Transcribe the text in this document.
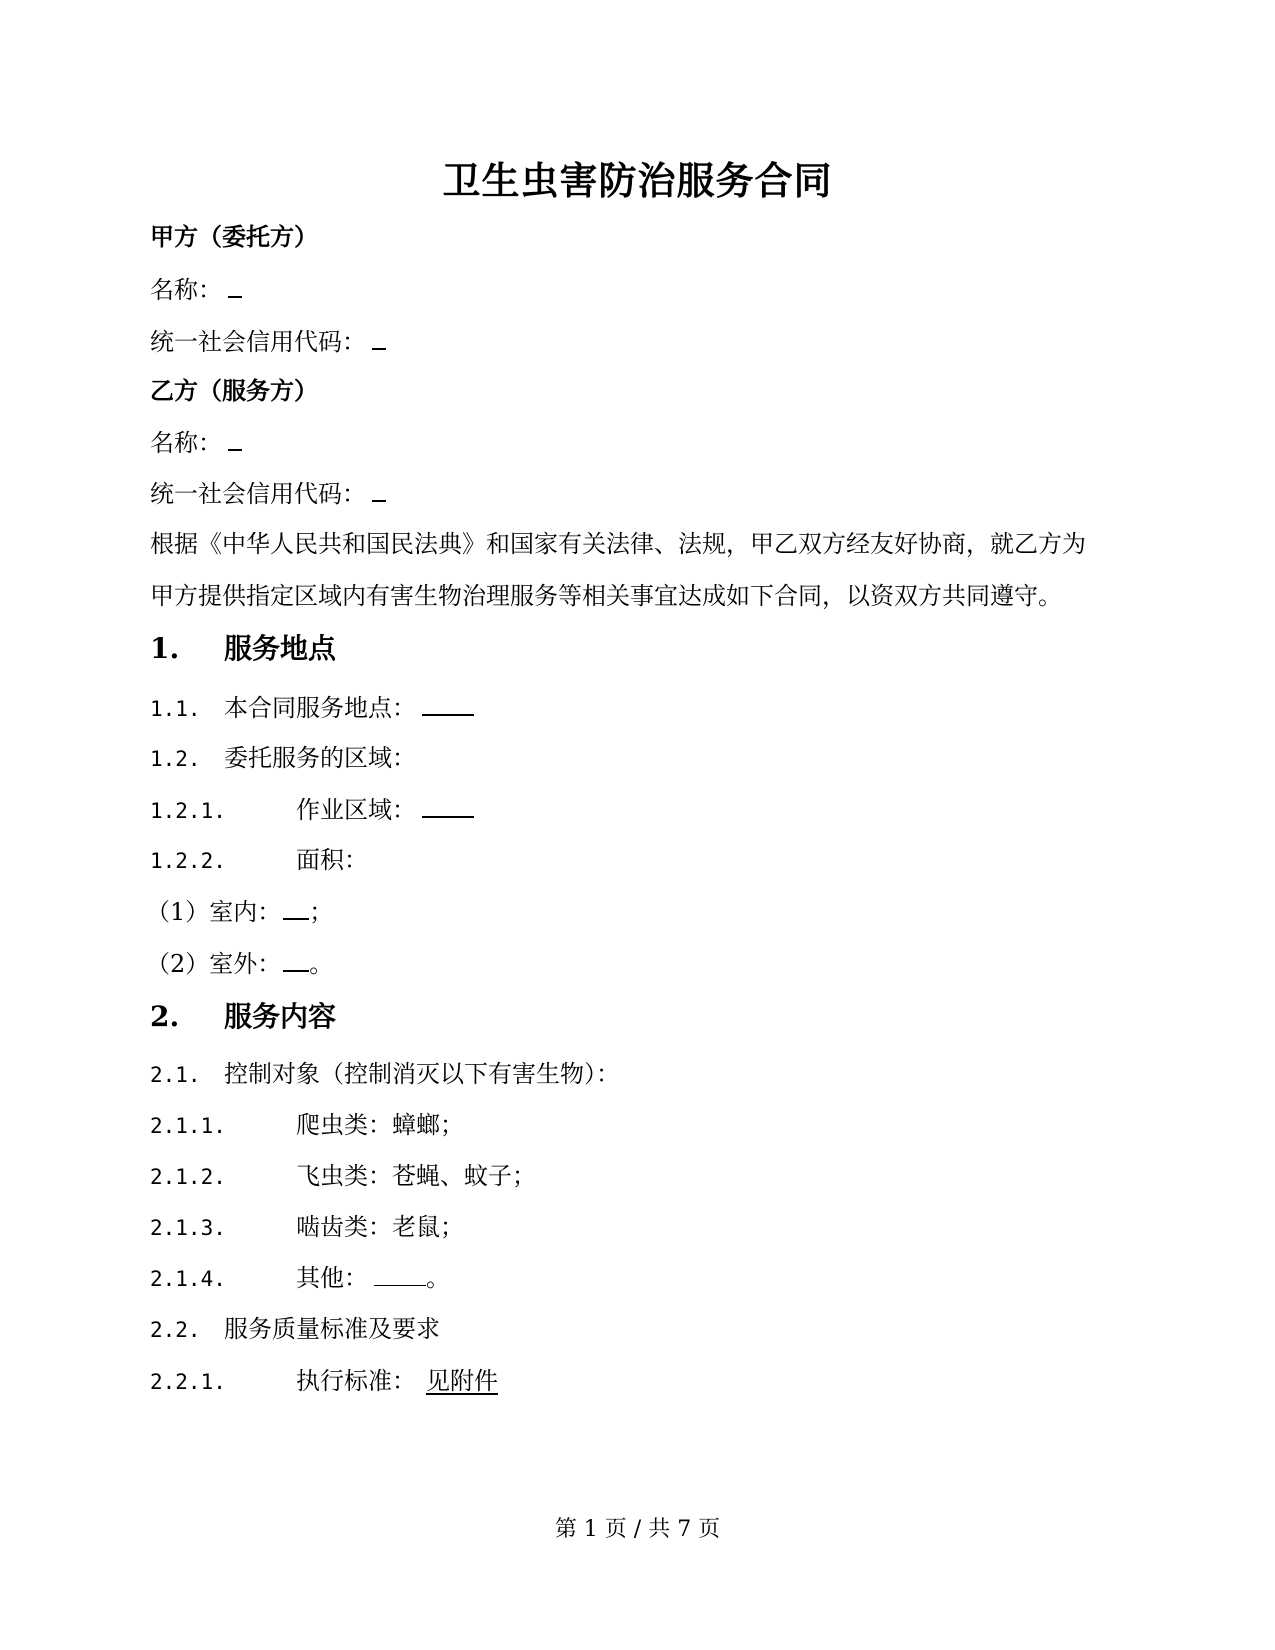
卫生虫害防治服务合同
甲方（委托方）
名称：
统一社会信用代码：
乙方（服务方）
名称：
统一社会信用代码：
根据《中华人民共和国民法典》和国家有关法律、法规，甲乙双方经友好协商，就乙方为
甲方提供指定区域内有害生物治理服务等相关事宜达成如下合同，以资双方共同遵守。
1. 服务地点
1.1. 本合同服务地点：
1.2. 委托服务的区域：
1.2.1.	作业区域：
1.2.2.	面积：
（1）室内： ；
（2）室外： 。
2. 服务内容
2.1. 控制对象（控制消灭以下有害生物）：
2.1.1.	爬虫类：蟑螂；
2.1.2.	飞虫类：苍蝇、蚊子；
2.1.3.	啮齿类：老鼠；
2.1.4.	其他： 。
2.2. 服务质量标准及要求
2.2.1.	执行标准： 见附件
第 1 页 / 共 7 页
